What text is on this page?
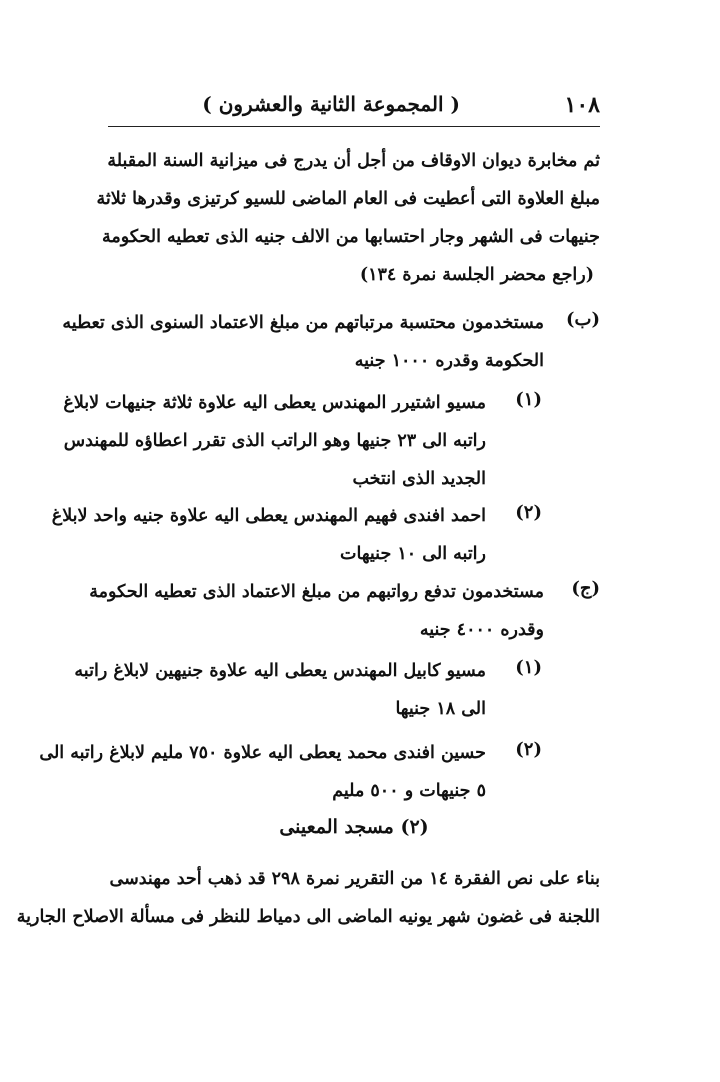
١٠٨
( المجموعة الثانية والعشرون )
ثم مخابرة ديوان الاوقاف من أجل أن يدرج فى ميزانية السنة المقبلة
مبلغ العلاوة التى أعطيت فى العام الماضى للسيو كرتيزى وقدرها ثلاثة
جنيهات فى الشهر وجار احتسابها من الالف جنيه الذى تعطيه الحكومة
(راجع محضر الجلسة نمرة ١٣٤)
(ب)
مستخدمون محتسبة مرتباتهم من مبلغ الاعتماد السنوى الذى تعطيه
الحكومة وقدره ١٠٠٠ جنيه
(١)
مسيو اشتيرر المهندس يعطى اليه علاوة ثلاثة جنيهات لابلاغ
راتبه الى ٢٣ جنيها وهو الراتب الذى تقرر اعطاؤه للمهندس
الجديد الذى انتخب
(٢)
احمد افندى فهيم المهندس يعطى اليه علاوة جنيه واحد لابلاغ
راتبه الى ١٠ جنيهات
(ج)
مستخدمون تدفع رواتبهم من مبلغ الاعتماد الذى تعطيه الحكومة
وقدره ٤٠٠٠ جنيه
(١)
مسيو كابيل المهندس يعطى اليه علاوة جنيهين لابلاغ راتبه
الى ١٨ جنيها
(٢)
حسين افندى محمد يعطى اليه علاوة ٧٥٠ مليم لابلاغ راتبه الى
٥ جنيهات و ٥٠٠ مليم
(٢) مسجد المعينى
بناء على نص الفقرة ١٤ من التقرير نمرة ٢٩٨ قد ذهب أحد مهندسى
اللجنة فى غضون شهر يونيه الماضى الى دمياط للنظر فى مسألة الاصلاح الجارية
